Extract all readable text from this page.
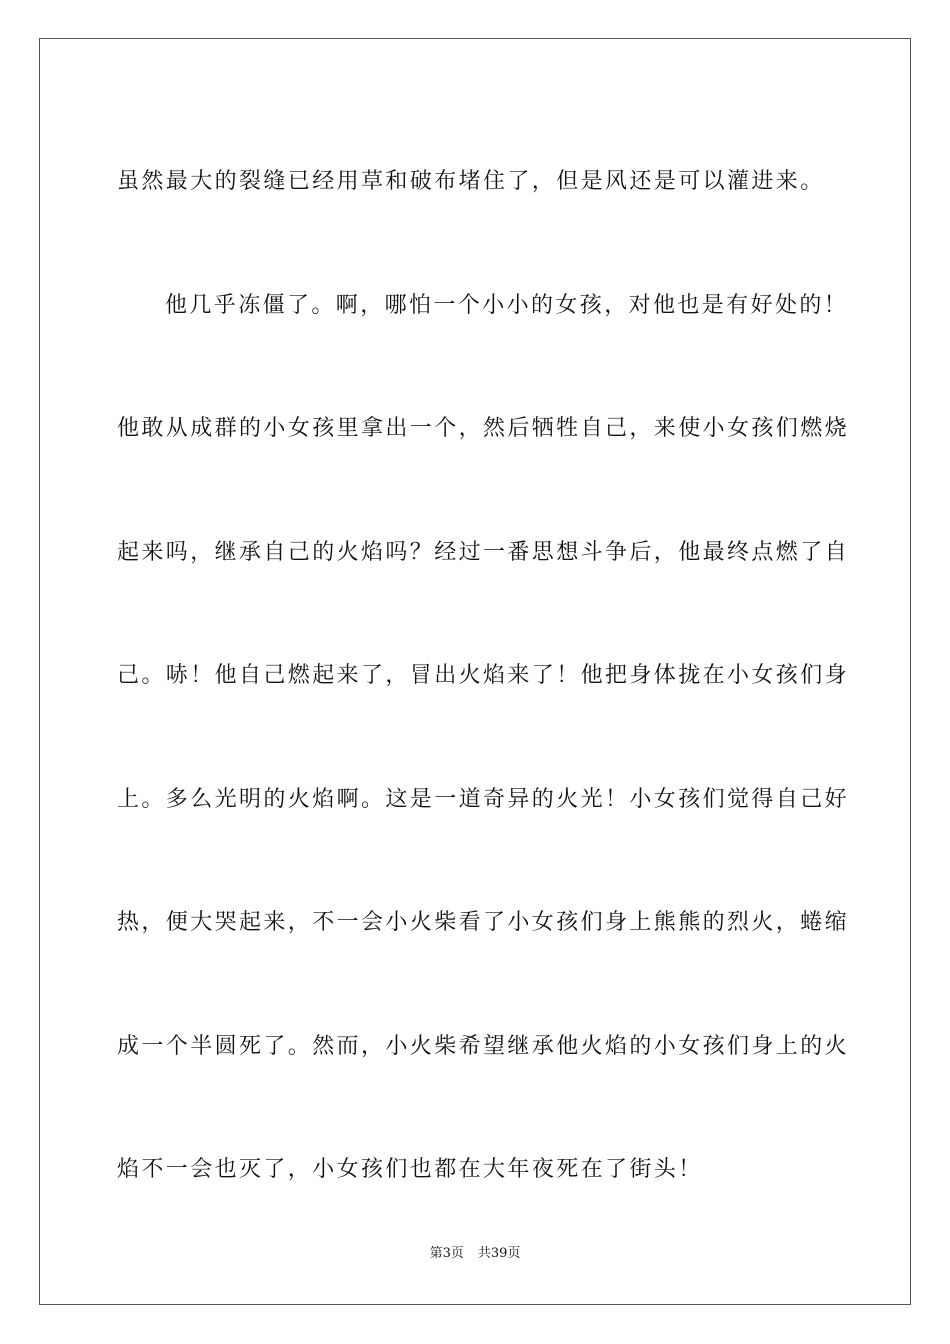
虽然最大的裂缝已经用草和破布堵住了，但是风还是可以灌进来。
他几乎冻僵了。啊，哪怕一个小小的女孩，对他也是有好处的！
他敢从成群的小女孩里拿出一个，然后牺牲自己，来使小女孩们燃烧
起来吗，继承自己的火焰吗？经过一番思想斗争后，他最终点燃了自
己。哧！他自己燃起来了，冒出火焰来了！他把身体拢在小女孩们身
上。多么光明的火焰啊。这是一道奇异的火光！小女孩们觉得自己好
热，便大哭起来，不一会小火柴看了小女孩们身上熊熊的烈火，蜷缩
成一个半圆死了。然而，小火柴希望继承他火焰的小女孩们身上的火
焰不一会也灭了，小女孩们也都在大年夜死在了街头！
第3页 共39页
